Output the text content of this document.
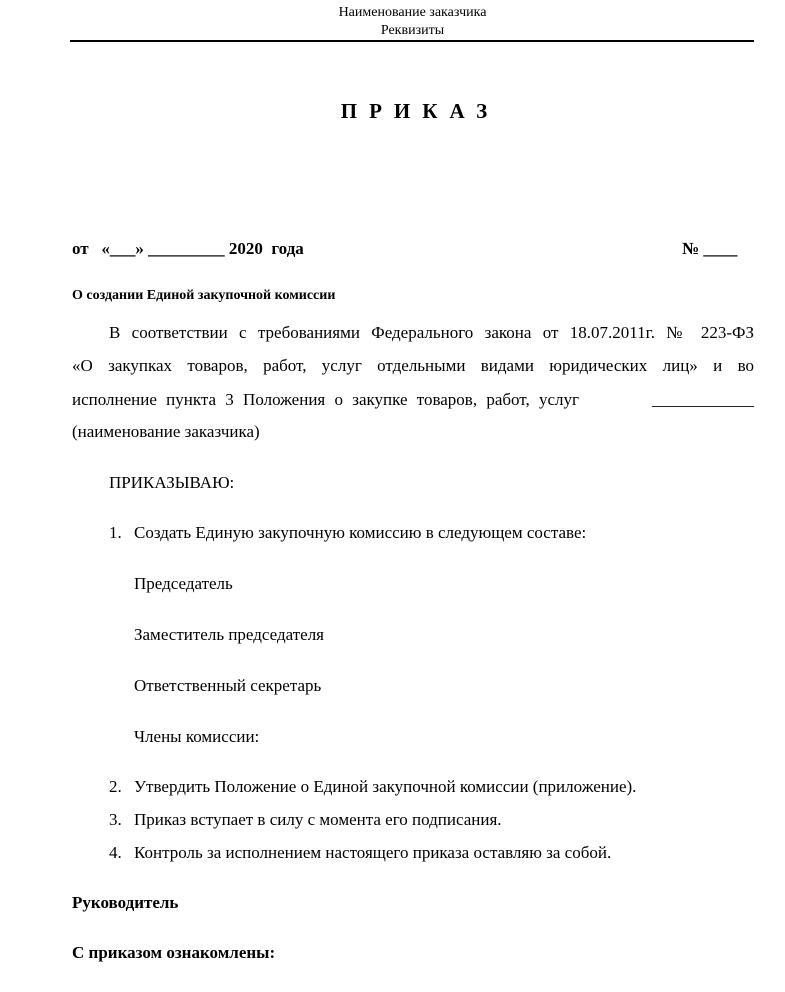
Наименование заказчика
Реквизиты
ПРИКАЗ
от «___» _________ 2020 года	№ ____
О создании Единой закупочной комиссии
В соответствии с требованиями Федерального закона от 18.07.2011г. № 223-ФЗ
«О закупках товаров, работ, услуг отдельными видами юридических лиц» и во
исполнение пункта 3 Положения о закупке товаров, работ, услуг	____________
(наименование заказчика)
ПРИКАЗЫВАЮ:
1. Создать Единую закупочную комиссию в следующем составе:
Председатель
Заместитель председателя
Ответственный секретарь
Члены комиссии:
2. Утвердить Положение о Единой закупочной комиссии (приложение).
3. Приказ вступает в силу с момента его подписания.
4. Контроль за исполнением настоящего приказа оставляю за собой.
Руководитель
С приказом ознакомлены:
